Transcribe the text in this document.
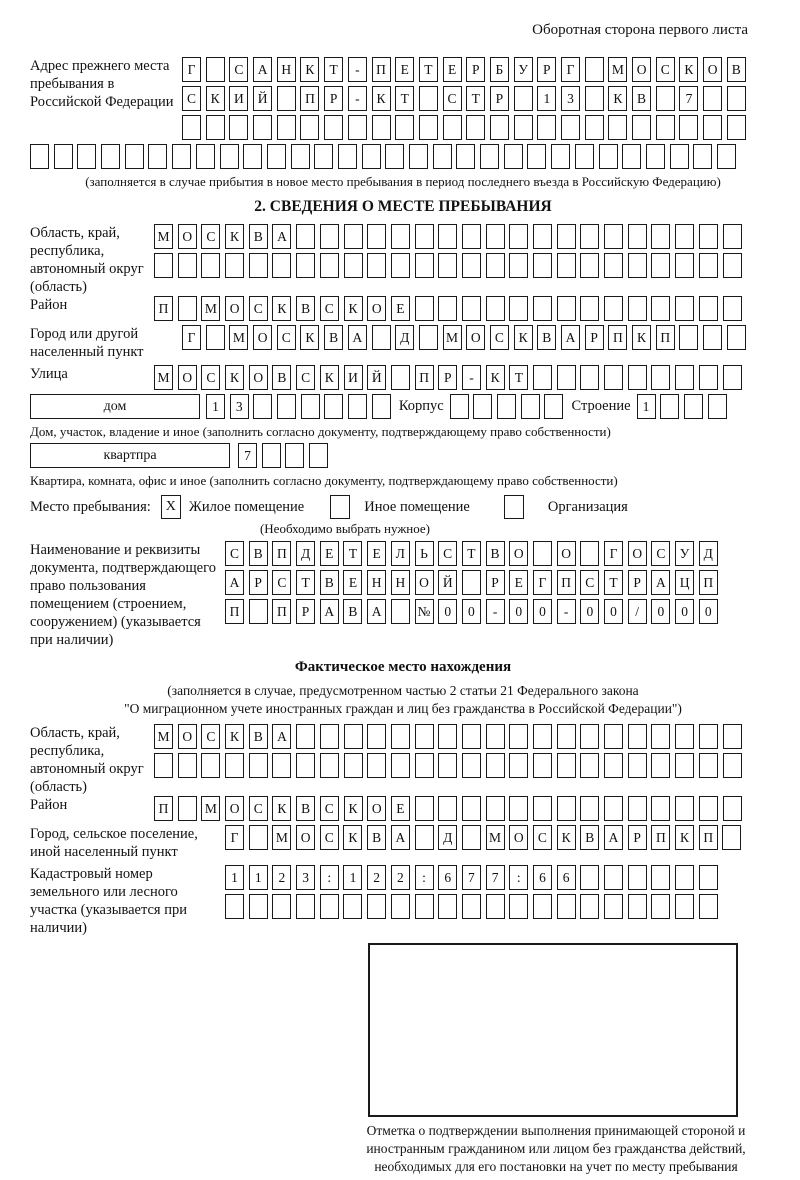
Оборотная сторона первого листа
Адрес прежнего места пребывания в Российской Федерации
Г	С	А	Н	К	Т	-	П	Е	Т	Е	Р	Б	У	Р	Г	М О	С	К	О	В
С	К	И	Й	П	Р	-	К	Т	С	Т	Р	1	3	К	В	7
(заполняется в случае прибытия в новое место пребывания в период последнего въезда в Российскую Федерацию)
2. СВЕДЕНИЯ О МЕСТЕ ПРЕБЫВАНИЯ
Область, край, республика, автономный округ (область)
М О	С	К	В	А
Район	П	М О	С	К	В	С	К	О	Е
Город или другой населенный пункт
Г	М О	С	К	В	А	Д	М О	С	К	В	А	Р	П	К	П
Улица	М О	С	К	О	В	С	К	И	Й	П	Р	-	К	Т
дом	1	3	Корпус	Строение 1
Дом, участок, владение и иное (заполнить согласно документу, подтверждающему право собственности)
квартпра	7
Квартира, комната, офис и иное (заполнить согласно документу, подтверждающему право собственности)
Место пребывания:	X Жилое помещение	Иное помещение	Организация
(Необходимо выбрать нужное)
Наименование и реквизиты документа, подтверждающего право пользования помещением (строением, сооружением) (указывается при наличии)
С	В	П	Д	Е	Т	Е	Л	Ь	С	Т	В	О	О	Г	О	С	У	Д
А	Р	С	Т	В	Е	Н	Н	О	Й	Р	Е	Г	П	С	Т	Р	А	Ц	П
П	П	Р	А	В	А	№	0	0	-	0	0	-	0	0	/	0	0	0
Фактическое место нахождения
(заполняется в случае, предусмотренном частью 2 статьи 21 Федерального закона
"О миграционном учете иностранных граждан и лиц без гражданства в Российской Федерации")
Область, край, республика, автономный округ (область)
М О	С	К	В	А
Район	П	М О	С	К	В	С	К	О	Е
Город, сельское поселение, иной населенный пункт
Г	М О	С	К	В	А	Д	М О	С	К	В	А	Р	П	К	П
Кадастровый номер земельного или лесного участка (указывается при наличии)
1	1	2	3	:	1	2	2	:	6	7	7	:	6	6
Отметка о подтверждении выполнения принимающей стороной и иностранным гражданином или лицом без гражданства действий, необходимых для его постановки на учет по месту пребывания
